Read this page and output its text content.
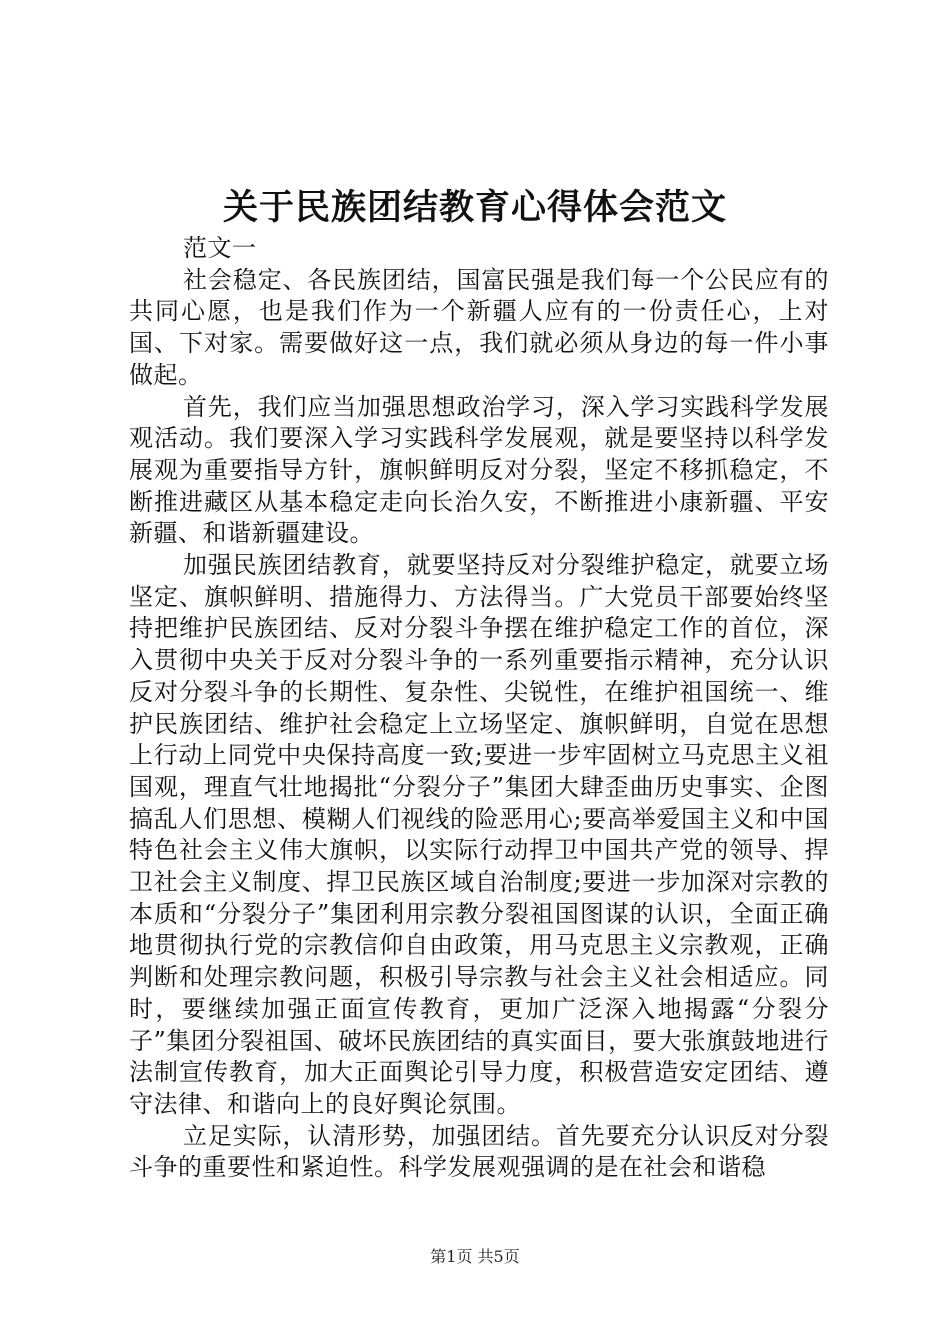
关于民族团结教育心得体会范文

范文一

社会稳定、各民族团结，国富民强是我们每一个公民应有的共同心愿，也是我们作为一个新疆人应有的一份责任心，上对国、下对家。需要做好这一点，我们就必须从身边的每一件小事做起。

首先，我们应当加强思想政治学习，深入学习实践科学发展观活动。我们要深入学习实践科学发展观，就是要坚持以科学发展观为重要指导方针，旗帜鲜明反对分裂，坚定不移抓稳定，不断推进藏区从基本稳定走向长治久安，不断推进小康新疆、平安新疆、和谐新疆建设。

加强民族团结教育，就要坚持反对分裂维护稳定，就要立场坚定、旗帜鲜明、措施得力、方法得当。广大党员干部要始终坚持把维护民族团结、反对分裂斗争摆在维护稳定工作的首位，深入贯彻中央关于反对分裂斗争的一系列重要指示精神，充分认识反对分裂斗争的长期性、复杂性、尖锐性，在维护祖国统一、维护民族团结、维护社会稳定上立场坚定、旗帜鲜明，自觉在思想上行动上同党中央保持高度一致;要进一步牢固树立马克思主义祖国观，理直气壮地揭批“分裂分子”集团大肆歪曲历史事实、企图搞乱人们思想、模糊人们视线的险恶用心;要高举爱国主义和中国特色社会主义伟大旗帜，以实际行动捍卫中国共产党的领导、捍卫社会主义制度、捍卫民族区域自治制度;要进一步加深对宗教的本质和“分裂分子”集团利用宗教分裂祖国图谋的认识，全面正确地贯彻执行党的宗教信仰自由政策，用马克思主义宗教观，正确判断和处理宗教问题，积极引导宗教与社会主义社会相适应。同时，要继续加强正面宣传教育，更加广泛深入地揭露“分裂分子”集团分裂祖国、破坏民族团结的真实面目，要大张旗鼓地进行法制宣传教育，加大正面舆论引导力度，积极营造安定团结、遵守法律、和谐向上的良好舆论氛围。

立足实际，认清形势，加强团结。首先要充分认识反对分裂斗争的重要性和紧迫性。科学发展观强调的是在社会和谐稳

第1页 共5页
